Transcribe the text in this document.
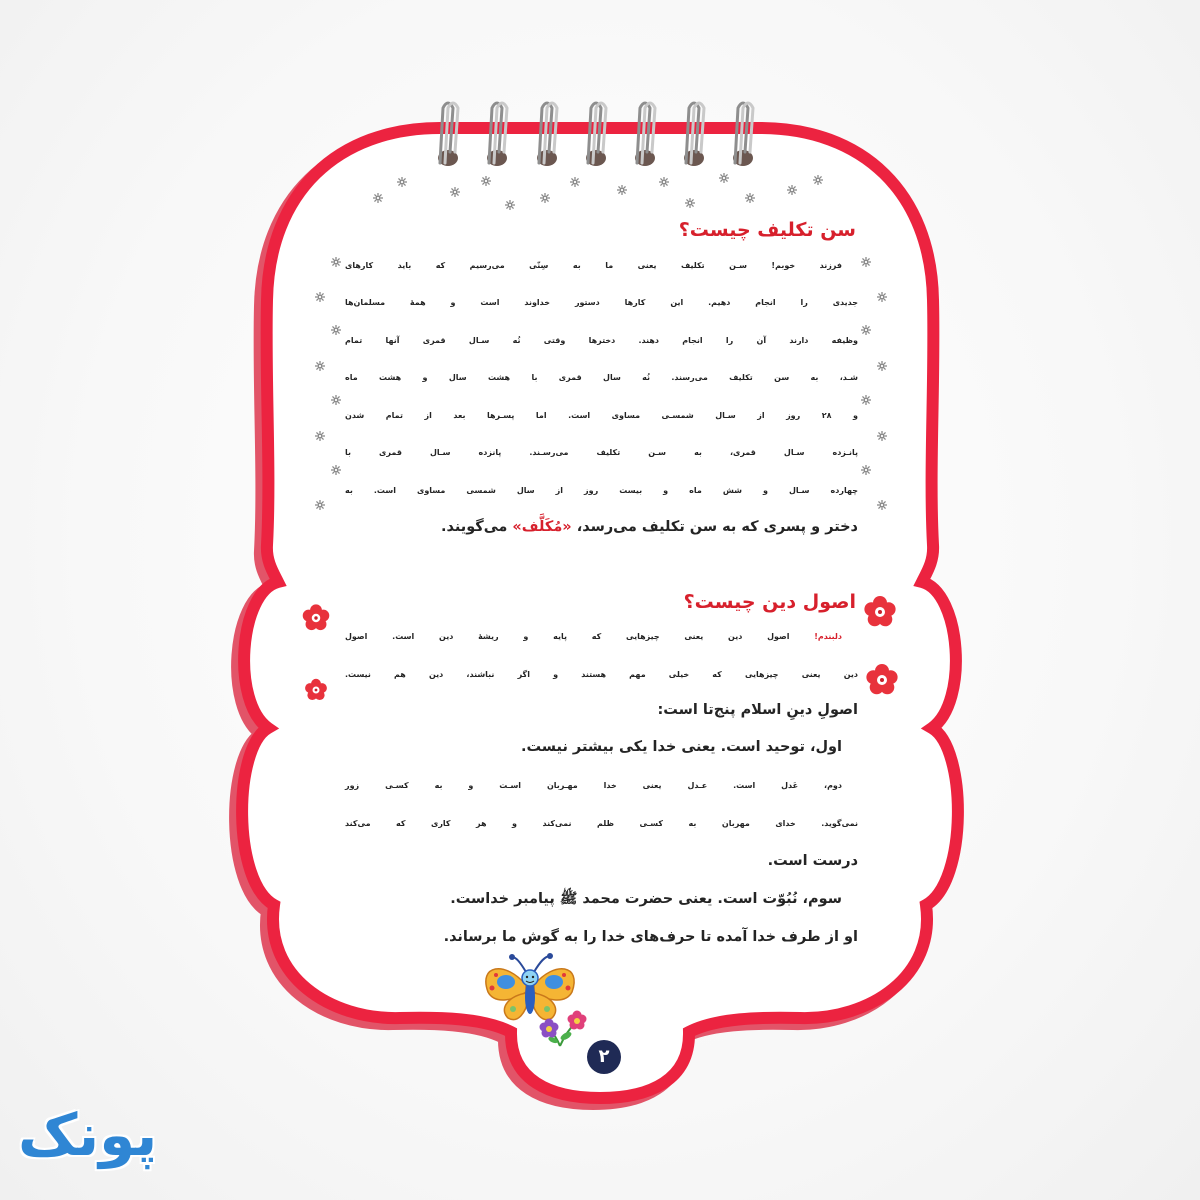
سن تکلیف چیست؟
فرزند خوبم! سـن تکلیف یعنی ما به سِنّی می‌رسیم که باید کارهای
جدیدی را انجام دهیم. این کارها دستور خداوند است و همهٔ مسلمان‌ها
وظیفه دارند آن را انجام دهند. دخترها وقتی نُه سـال قمری آنها تمام
شـد، به سن تکلیف می‌رسند. نُه سال قمری با هشت سال و هشت ماه
و ۲۸ روز از سـال شمسـی مساوی است. اما پسـرها بعد از تمام شدن
پانـزده سـال قمری، به سـن تکلیف می‌رسـند. پانزده سـال قمری با
چهارده سـال و شش ماه و بیست روز از سال شمسی مساوی است. به
دختر و پسری که به سن تکلیف می‌رسد، «مُکَلَّف» می‌گویند.
اصول دین چیست؟
دلبندم! اصول دین یعنی چیزهایی که پایه و ریشهٔ دین است. اصول
دین یعنی چیزهایی که خیلی مهم هستند و اگر نباشند، دین هم نیست.
اصولِ دینِ اسلام پنج‌تا است:
اول، توحید است. یعنی خدا یکی بیشتر نیست.
دوم، عَدل است. عـدل یعنی خدا مهـربان اسـت و به کسـی زور
نمی‌گوید. خدای مهربان به کسـی ظلم نمی‌کند و هر کاری که می‌کند
درست است.
سوم، نُبُوّت است. یعنی حضرت محمد ﷺ پیامبر خداست.
او از طرف خدا آمده تا حرف‌های خدا را به گوش ما برساند.
۲
پونک
